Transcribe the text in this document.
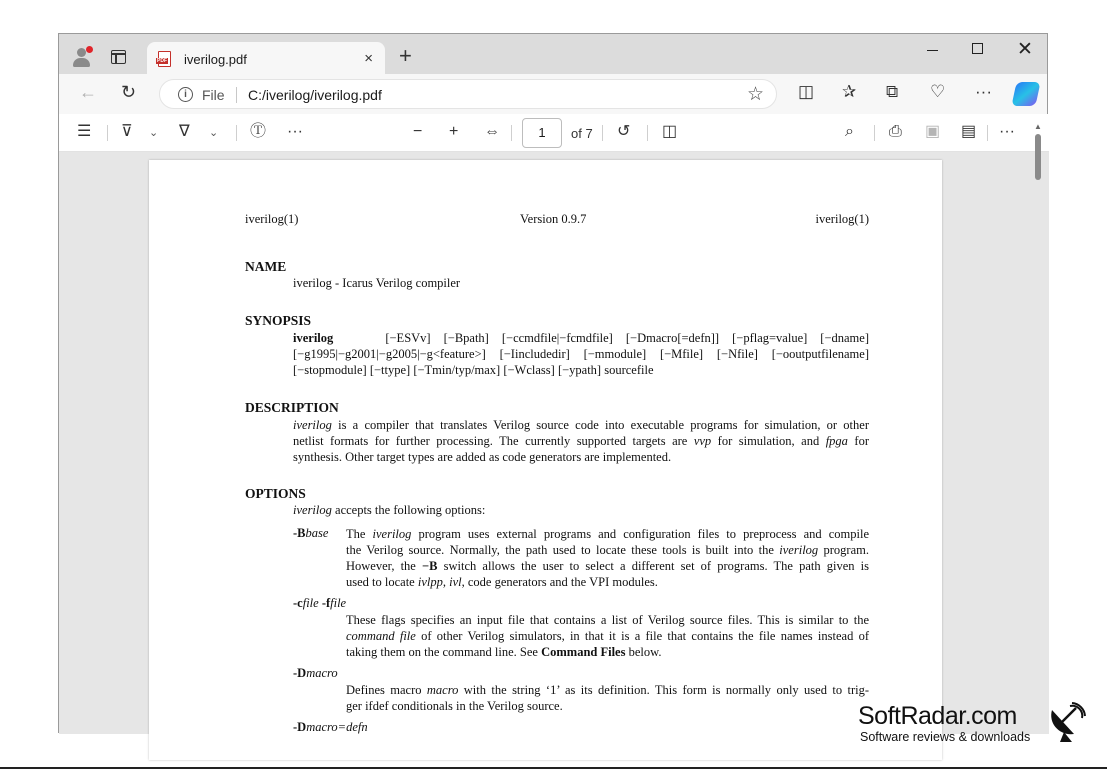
PDF
iverilog.pdf	× +	✕
← ↻	i	File C:/iverilog/iverilog.pdf	☆ ◫ ✰ ⧉ ♡ ···
☰ ⊽ ⌄ ∇ ⌄ Ⓣ ···	− + ⇔	1	of 7 ↺ ◫	⌕ ⎙ ▣ ▤ ···
iverilog(1)	Version 0.9.7	iverilog(1)
NAME
iverilog - Icarus Verilog compiler
SYNOPSIS
iverilog	[−ESVv] [−Bpath] [−ccmdfile|−fcmdfile] [−Dmacro[=defn]] [−pflag=value] [−dname]
[−g1995|−g2001|−g2005|−g<feature>] [−Iincludedir] [−mmodule] [−Mfile] [−Nfile] [−ooutputfilename]
[−stopmodule] [−ttype] [−Tmin/typ/max] [−Wclass] [−ypath] sourcefile
DESCRIPTION
iverilog is a compiler that translates Verilog source code into executable programs for simulation, or other
netlist formats for further processing. The currently supported targets are vvp for simulation, and fpga for
synthesis. Other target types are added as code generators are implemented.
OPTIONS
iverilog accepts the following options:
-Bbase The iverilog program uses external programs and configuration files to preprocess and compile
the Verilog source. Normally, the path used to locate these tools is built into the iverilog program.
However, the −B switch allows the user to select a different set of programs. The path given is
used to locate ivlpp, ivl, code generators and the VPI modules.
-cfile -ffile
These flags specifies an input file that contains a list of Verilog source files. This is similar to the
command file of other Verilog simulators, in that it is a file that contains the file names instead of
taking them on the command line. See Command Files below.
-Dmacro
Defines macro macro with the string ‘1’ as its definition. This form is normally only used to trig-
ger ifdef conditionals in the Verilog source.
-Dmacro=defn
▲
SoftRadar.com
Software reviews & downloads
